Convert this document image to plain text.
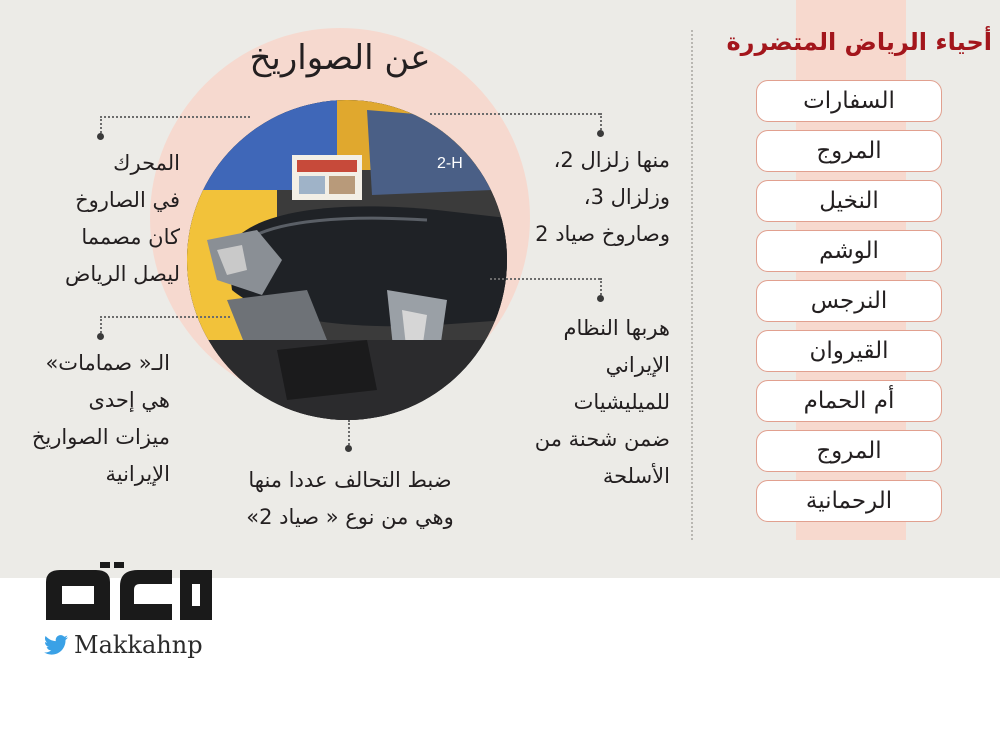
أحياء الرياض المتضررة
السفارات
المروج
النخيل
الوشم
النرجس
القيروان
أم الحمام
المروج
الرحمانية
عن الصواريخ
2-H
المحرك
في الصاروخ
كان مصمما
ليصل الرياض
منها زلزال 2،
وزلزال 3،
وصاروخ صياد 2
الـ« صمامات»
هي إحدى
ميزات الصواريخ
الإيرانية
هربها النظام
الإيراني
للميليشيات
ضمن شحنة من
الأسلحة
ضبط التحالف عددا منها
وهي من نوع « صياد 2»
Makkahnp
